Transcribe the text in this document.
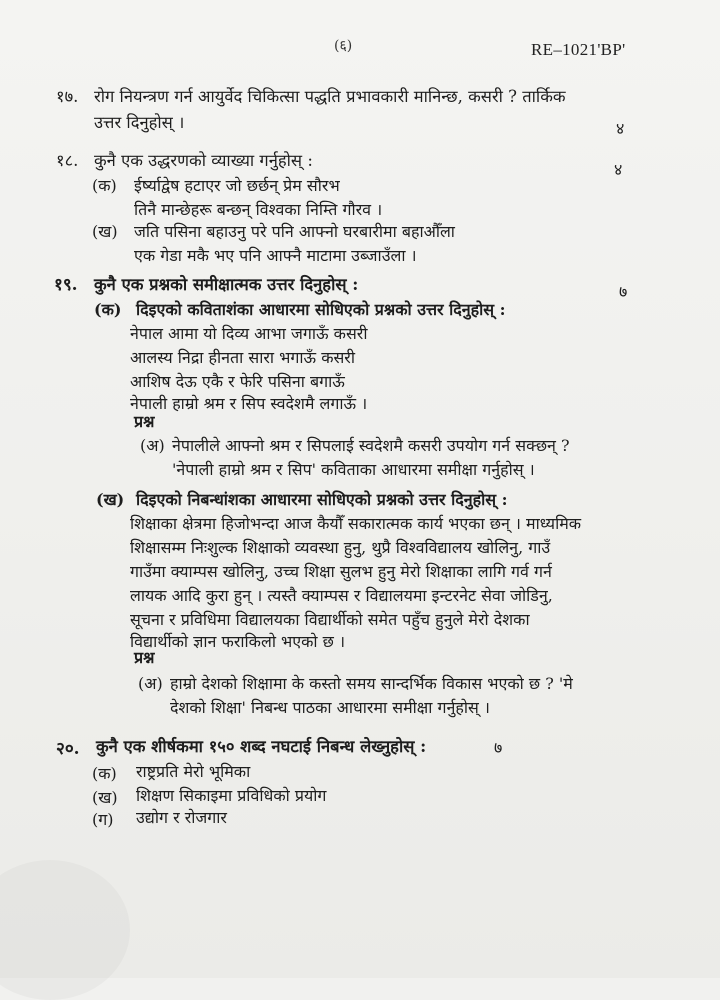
(६)	RE–1021'BP'
१७. रोग नियन्त्रण गर्न आयुर्वेद चिकित्सा पद्धति प्रभावकारी मानिन्छ, कसरी ? तार्किक
उत्तर दिनुहोस् ।	४
१८. कुनै एक उद्धरणको व्याख्या गर्नुहोस् :	४
(क) ईर्ष्याद्वेष हटाएर जो छर्छन् प्रेम सौरभ
तिनै मान्छेहरू बन्छन् विश्वका निम्ति गौरव ।
(ख) जति पसिना बहाउनु परे पनि आफ्नो घरबारीमा बहाऔँला
एक गेडा मकै भए पनि आफ्नै माटामा उब्जाउँला ।
१९. कुनै एक प्रश्नको समीक्षात्मक उत्तर दिनुहोस् :	७
(क) दिइएको कविताशंका आधारमा सोधिएको प्रश्नको उत्तर दिनुहोस् :
नेपाल आमा यो दिव्य आभा जगाऊँ कसरी
आलस्य निद्रा हीनता सारा भगाऊँ कसरी
आशिष देऊ एकै र फेरि पसिना बगाऊँ
नेपाली हाम्रो श्रम र सिप स्वदेशमै लगाऊँ ।
प्रश्न
(अ) नेपालीले आफ्नो श्रम र सिपलाई स्वदेशमै कसरी उपयोग गर्न सक्छन् ?
'नेपाली हाम्रो श्रम र सिप' कविताका आधारमा समीक्षा गर्नुहोस् ।
(ख) दिइएको निबन्धांशका आधारमा सोधिएको प्रश्नको उत्तर दिनुहोस् :
शिक्षाका क्षेत्रमा हिजोभन्दा आज कैयौँ सकारात्मक कार्य भएका छन् । माध्यमिक
शिक्षासम्म निःशुल्क शिक्षाको व्यवस्था हुनु, थुप्रै विश्वविद्यालय खोलिनु, गाउँ
गाउँमा क्याम्पस खोलिनु, उच्च शिक्षा सुलभ हुनु मेरो शिक्षाका लागि गर्व गर्न
लायक आदि कुरा हुन् । त्यस्तै क्याम्पस र विद्यालयमा इन्टरनेट सेवा जोडिनु,
सूचना र प्रविधिमा विद्यालयका विद्यार्थीको समेत पहुँच हुनुले मेरो देशका
विद्यार्थीको ज्ञान फराकिलो भएको छ ।
प्रश्न
(अ) हाम्रो देशको शिक्षामा के कस्तो समय सान्दर्भिक विकास भएको छ ? 'मे
देशको शिक्षा' निबन्ध पाठका आधारमा समीक्षा गर्नुहोस् ।
२०. कुनै एक शीर्षकमा १५० शब्द नघटाई निबन्ध लेख्नुहोस् :	७
(क) राष्ट्रप्रति मेरो भूमिका
(ख) शिक्षण सिकाइमा प्रविधिको प्रयोग
(ग) उद्योग र रोजगार
